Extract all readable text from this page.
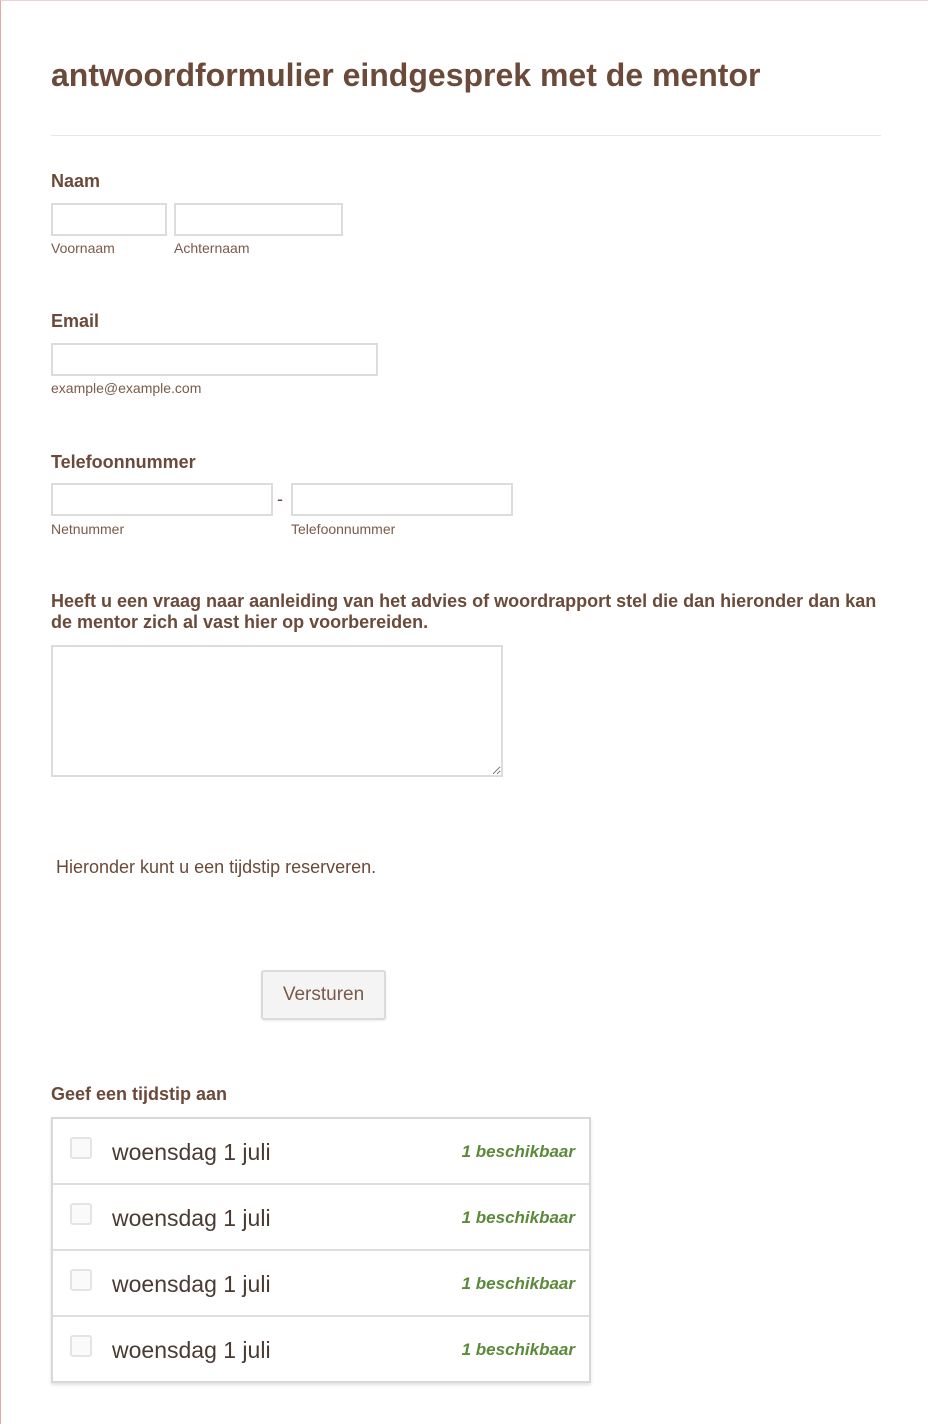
antwoordformulier eindgesprek met de mentor
Naam
Voornaam	Achternaam
Email
example@example.com
Telefoonnummer
-
Netnummer	Telefoonnummer
Heeft u een vraag naar aanleiding van het advies of woordrapport stel die dan hieronder dan kan de mentor zich al vast hier op voorbereiden.
Hieronder kunt u een tijdstip reserveren.
Versturen
Geef een tijdstip aan
woensdag 1 juli	1 beschikbaar
woensdag 1 juli	1 beschikbaar
woensdag 1 juli	1 beschikbaar
woensdag 1 juli	1 beschikbaar
